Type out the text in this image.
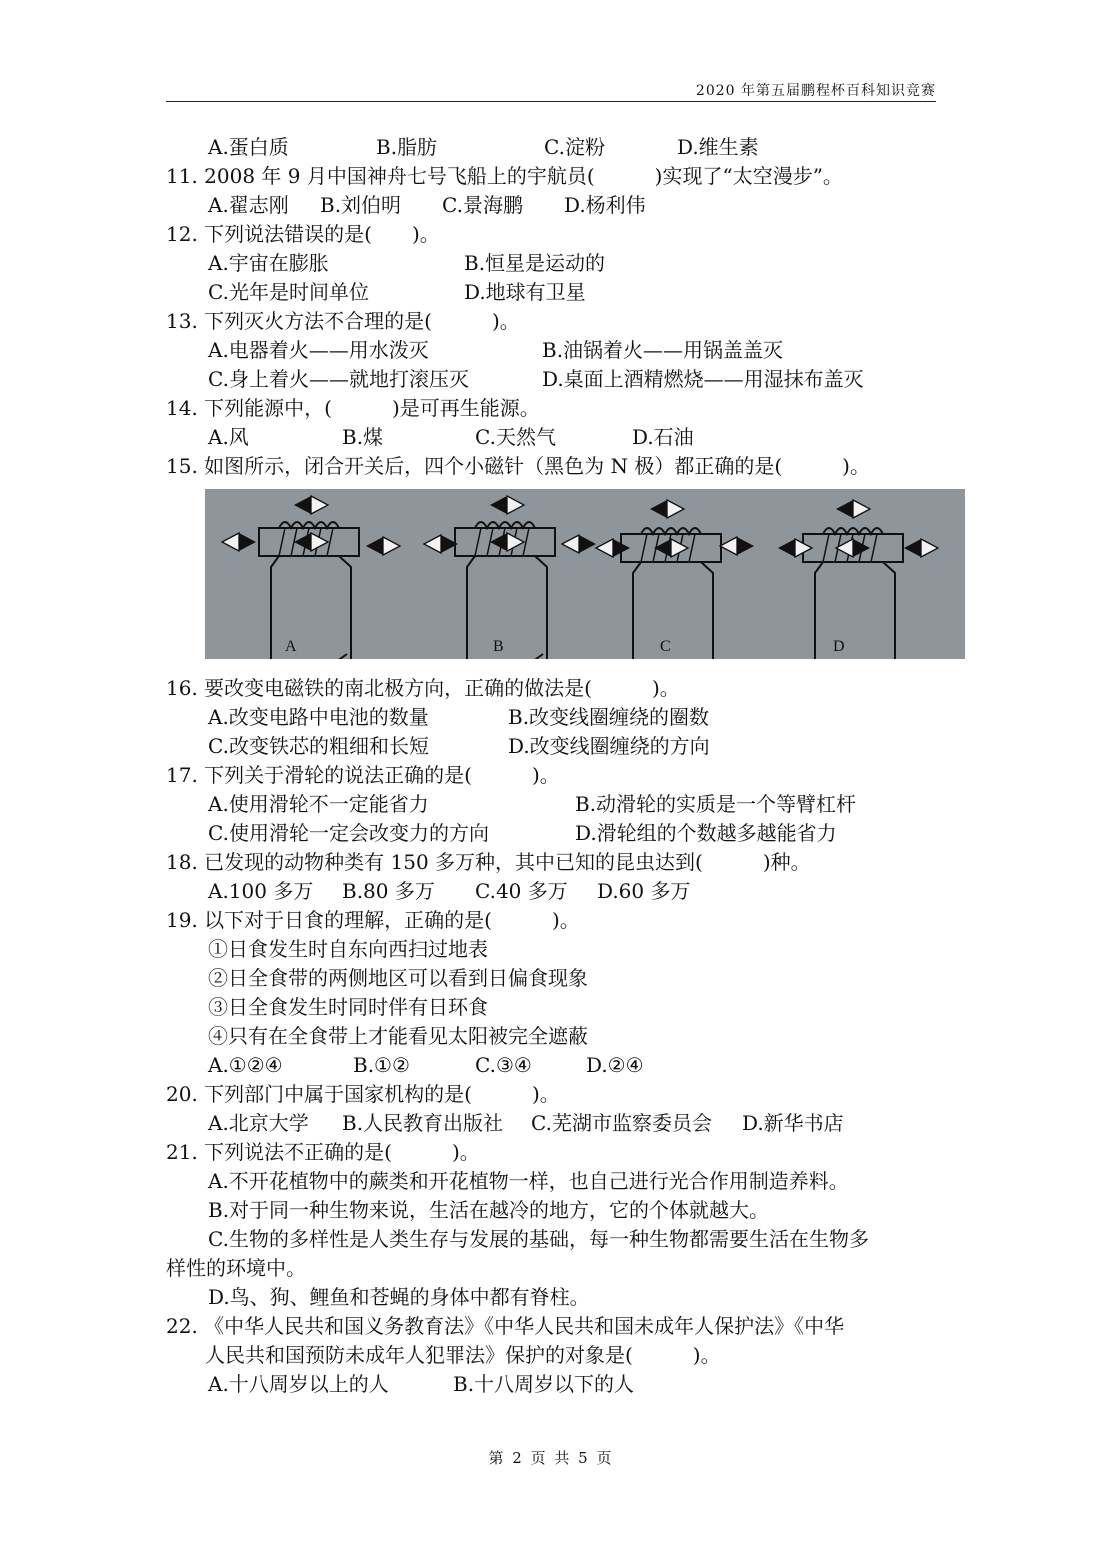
2020 年第五届鹏程杯百科知识竞赛
A.蛋白质	B.脂肪	C.淀粉	D.维生素
11. 2008 年 9 月中国神舟七号飞船上的宇航员(　　　)实现了“太空漫步”。
A.翟志刚 B.刘伯明 C.景海鹏 D.杨利伟
12. 下列说法错误的是(　　)。
A.宇宙在膨胀	B.恒星是运动的
C.光年是时间单位	D.地球有卫星
13. 下列灭火方法不合理的是(　　　)。
A.电器着火——用水泼灭	B.油锅着火——用锅盖盖灭
C.身上着火——就地打滚压灭	D.桌面上酒精燃烧——用湿抹布盖灭
14. 下列能源中，(　　　)是可再生能源。
A.风	B.煤	C.天然气	D.石油
15. 如图所示，闭合开关后，四个小磁针（黑色为 N 极）都正确的是(　　　)。
A	B	C	D
16. 要改变电磁铁的南北极方向，正确的做法是(　　　)。
A.改变电路中电池的数量	B.改变线圈缠绕的圈数
C.改变铁芯的粗细和长短	D.改变线圈缠绕的方向
17. 下列关于滑轮的说法正确的是(　　　)。
A.使用滑轮不一定能省力	B.动滑轮的实质是一个等臂杠杆
C.使用滑轮一定会改变力的方向	D.滑轮组的个数越多越能省力
18. 已发现的动物种类有 150 多万种，其中已知的昆虫达到(　　　)种。
A.100 多万 B.80 多万 C.40 多万 D.60 多万
19. 以下对于日食的理解，正确的是(　　　)。
①日食发生时自东向西扫过地表
②日全食带的两侧地区可以看到日偏食现象
③日全食发生时同时伴有日环食
④只有在全食带上才能看见太阳被完全遮蔽
A.①②④	B.①②	C.③④	D.②④
20. 下列部门中属于国家机构的是(　　　)。
A.北京大学 B.人民教育出版社 C.芜湖市监察委员会 D.新华书店
21. 下列说法不正确的是(　　　)。
A.不开花植物中的蕨类和开花植物一样，也自己进行光合作用制造养料。
B.对于同一种生物来说，生活在越冷的地方，它的个体就越大。
C.生物的多样性是人类生存与发展的基础，每一种生物都需要生活在生物多
样性的环境中。
D.鸟、狗、鲤鱼和苍蝇的身体中都有脊柱。
22. 《中华人民共和国义务教育法》《中华人民共和国未成年人保护法》《中华
人民共和国预防未成年人犯罪法》保护的对象是(　　　)。
A.十八周岁以上的人	B.十八周岁以下的人
第 2 页 共 5 页
